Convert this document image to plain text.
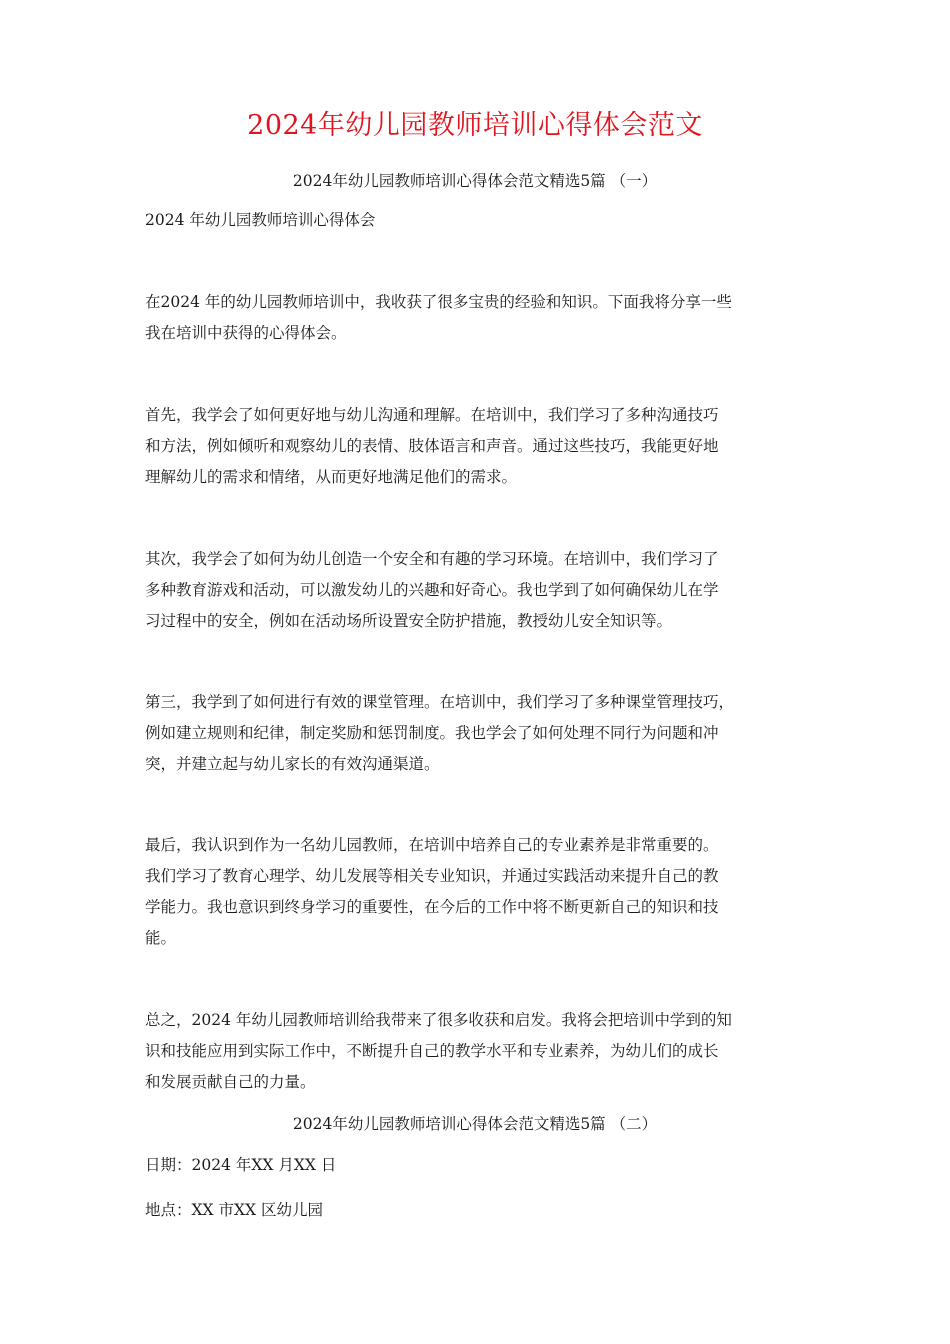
2024年幼儿园教师培训心得体会范文

2024年幼儿园教师培训心得体会范文精选5篇 （一）

2024 年幼儿园教师培训心得体会

在2024 年的幼儿园教师培训中，我收获了很多宝贵的经验和知识。下面我将分享一些
我在培训中获得的心得体会。

首先，我学会了如何更好地与幼儿沟通和理解。在培训中，我们学习了多种沟通技巧
和方法，例如倾听和观察幼儿的表情、肢体语言和声音。通过这些技巧，我能更好地
理解幼儿的需求和情绪，从而更好地满足他们的需求。

其次，我学会了如何为幼儿创造一个安全和有趣的学习环境。在培训中，我们学习了
多种教育游戏和活动，可以激发幼儿的兴趣和好奇心。我也学到了如何确保幼儿在学
习过程中的安全，例如在活动场所设置安全防护措施，教授幼儿安全知识等。

第三，我学到了如何进行有效的课堂管理。在培训中，我们学习了多种课堂管理技巧，
例如建立规则和纪律，制定奖励和惩罚制度。我也学会了如何处理不同行为问题和冲
突，并建立起与幼儿家长的有效沟通渠道。

最后，我认识到作为一名幼儿园教师，在培训中培养自己的专业素养是非常重要的。
我们学习了教育心理学、幼儿发展等相关专业知识，并通过实践活动来提升自己的教
学能力。我也意识到终身学习的重要性，在今后的工作中将不断更新自己的知识和技
能。

总之，2024 年幼儿园教师培训给我带来了很多收获和启发。我将会把培训中学到的知
识和技能应用到实际工作中，不断提升自己的教学水平和专业素养，为幼儿们的成长
和发展贡献自己的力量。

2024年幼儿园教师培训心得体会范文精选5篇 （二）

日期：2024 年XX 月XX 日

地点：XX 市XX 区幼儿园
